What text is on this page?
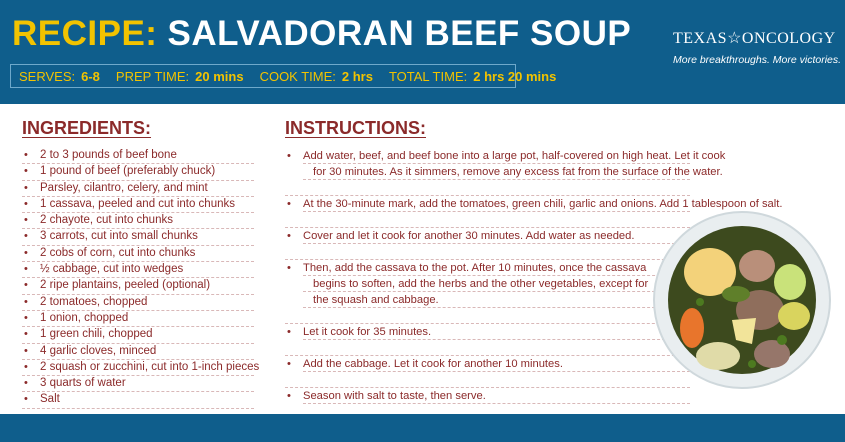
RECIPE: SALVADORAN BEEF SOUP
SERVES: 6-8 PREP TIME: 20 mins COOK TIME: 2 hrs TOTAL TIME: 2 hrs 20 mins
TEXAS☆ONCOLOGY
More breakthroughs. More victories.
INGREDIENTS:
• 2 to 3 pounds of beef bone
• 1 pound of beef (preferably chuck)
• Parsley, cilantro, celery, and mint
• 1 cassava, peeled and cut into chunks
• 2 chayote, cut into chunks
• 3 carrots, cut into small chunks
• 2 cobs of corn, cut into chunks
• ½ cabbage, cut into wedges
• 2 ripe plantains, peeled (optional)
• 2 tomatoes, chopped
• 1 onion, chopped
• 1 green chili, chopped
• 4 garlic cloves, minced
• 2 squash or zucchini, cut into 1-inch pieces
• 3 quarts of water
• Salt
INSTRUCTIONS:
• Add water, beef, and beef bone into a large pot, half-covered on high heat. Let it cook
for 30 minutes. As it simmers, remove any excess fat from the surface of the water.
• At the 30-minute mark, add the tomatoes, green chili, garlic and onions. Add 1 tablespoon of salt.
• Cover and let it cook for another 30 minutes. Add water as needed.
• Then, add the cassava to the pot. After 10 minutes, once the cassava
begins to soften, add the herbs and the other vegetables, except for
the squash and cabbage.
• Let it cook for 35 minutes.
• Add the cabbage. Let it cook for another 10 minutes.
• Season with salt to taste, then serve.
